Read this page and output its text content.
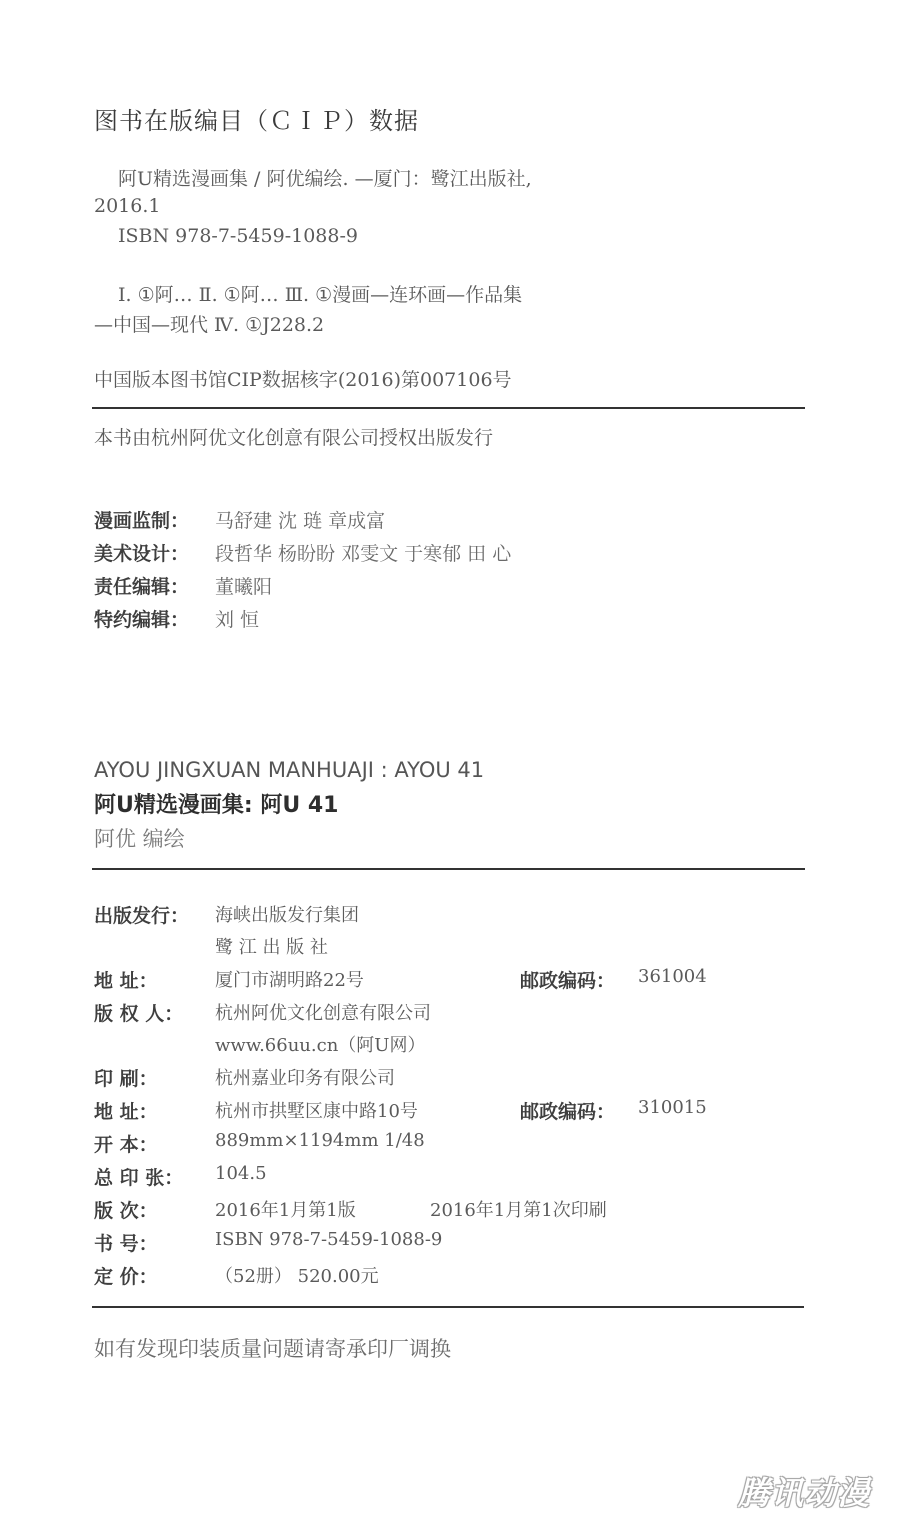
图书在版编目（ＣＩＰ）数据
阿U精选漫画集 / 阿优编绘. —厦门：鹭江出版社,
2016.1
ISBN 978-7-5459-1088-9
Ⅰ. ①阿… Ⅱ. ①阿… Ⅲ. ①漫画—连环画—作品集
—中国—现代 Ⅳ. ①J228.2
中国版本图书馆CIP数据核字(2016)第007106号
本书由杭州阿优文化创意有限公司授权出版发行
漫画监制： 马舒建 沈 琏 章成富
美术设计： 段哲华 杨盼盼 邓雯文 于寒郁 田 心
责任编辑： 董曦阳
特约编辑： 刘 恒
AYOU JINGXUAN MANHUAJI : AYOU 41
阿U精选漫画集: 阿U 41
阿优 编绘
出版发行： 海峡出版发行集团
鹭 江 出 版 社
地 址：	厦门市湖明路22号	邮政编码： 361004
版 权 人： 杭州阿优文化创意有限公司
www.66uu.cn（阿U网）
印 刷：	杭州嘉业印务有限公司
地 址：	杭州市拱墅区康中路10号	邮政编码： 310015
开 本：	889mm×1194mm 1/48
总 印 张： 104.5
版 次：	2016年1月第1版	2016年1月第1次印刷
书 号：	ISBN 978-7-5459-1088-9
定 价：	（52册） 520.00元
如有发现印装质量问题请寄承印厂调换
腾讯动漫
